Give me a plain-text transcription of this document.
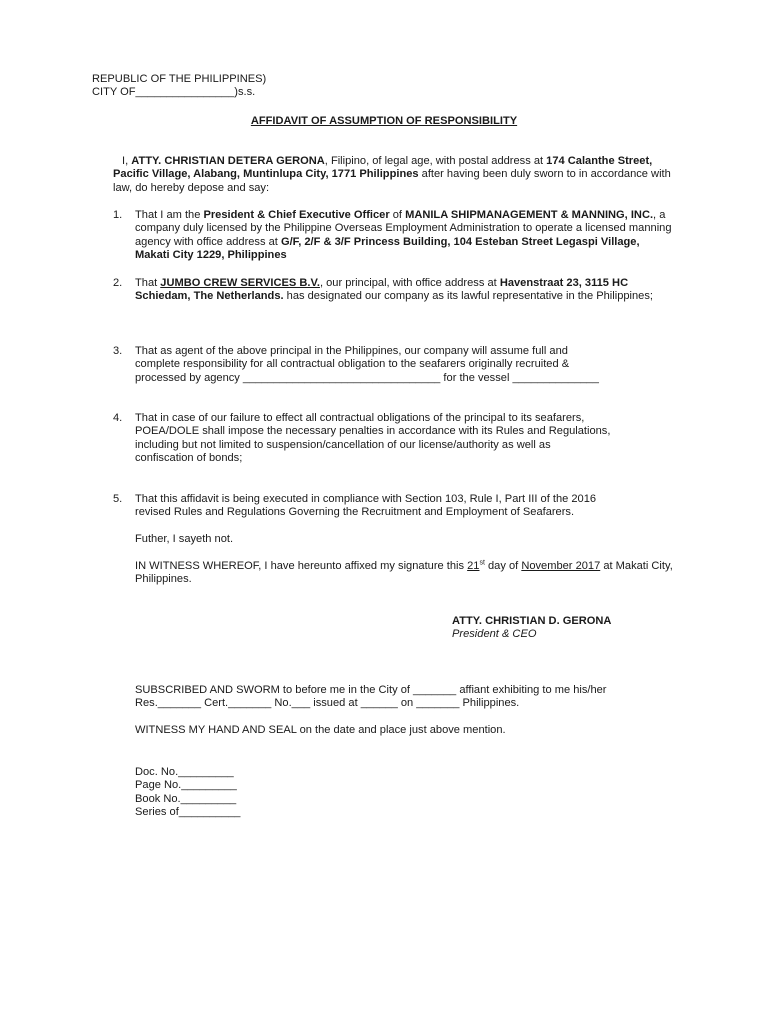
REPUBLIC OF THE PHILIPPINES)
CITY OF________________)s.s.
AFFIDAVIT OF ASSUMPTION OF RESPONSIBILITY
I, ATTY. CHRISTIAN DETERA GERONA, Filipino, of legal age, with postal address at 174 Calanthe Street, Pacific Village, Alabang, Muntinlupa City, 1771 Philippines after having been duly sworn to in accordance with law, do hereby depose and say:
1. That I am the President & Chief Executive Officer of MANILA SHIPMANAGEMENT & MANNING, INC., a company duly licensed by the Philippine Overseas Employment Administration to operate a licensed manning agency with office address at G/F, 2/F & 3/F Princess Building, 104 Esteban Street Legaspi Village, Makati City 1229, Philippines
2. That JUMBO CREW SERVICES B.V., our principal, with office address at Havenstraat 23, 3115 HC Schiedam, The Netherlands. has designated our company as its lawful representative in the Philippines;
3. That as agent of the above principal in the Philippines, our company will assume full and
complete responsibility for all contractual obligation to the seafarers originally recruited &
processed by agency ________________________________ for the vessel ______________
4. That in case of our failure to effect all contractual obligations of the principal to its seafarers,
POEA/DOLE shall impose the necessary penalties in accordance with its Rules and Regulations,
including but not limited to suspension/cancellation of our license/authority as well as
confiscation of bonds;
5. That this affidavit is being executed in compliance with Section 103, Rule I, Part III of the 2016
revised Rules and Regulations Governing the Recruitment and Employment of Seafarers.
Futher, I sayeth not.
IN WITNESS WHEREOF, I have hereunto affixed my signature this 21st day of November 2017 at Makati City, Philippines.
ATTY. CHRISTIAN D. GERONA
President & CEO
SUBSCRIBED AND SWORM to before me in the City of _______ affiant exhibiting to me his/her
Res._______ Cert._______ No.___ issued at ______ on _______ Philippines.
WITNESS MY HAND AND SEAL on the date and place just above mention.
Doc. No._________
Page No._________
Book No._________
Series of__________
